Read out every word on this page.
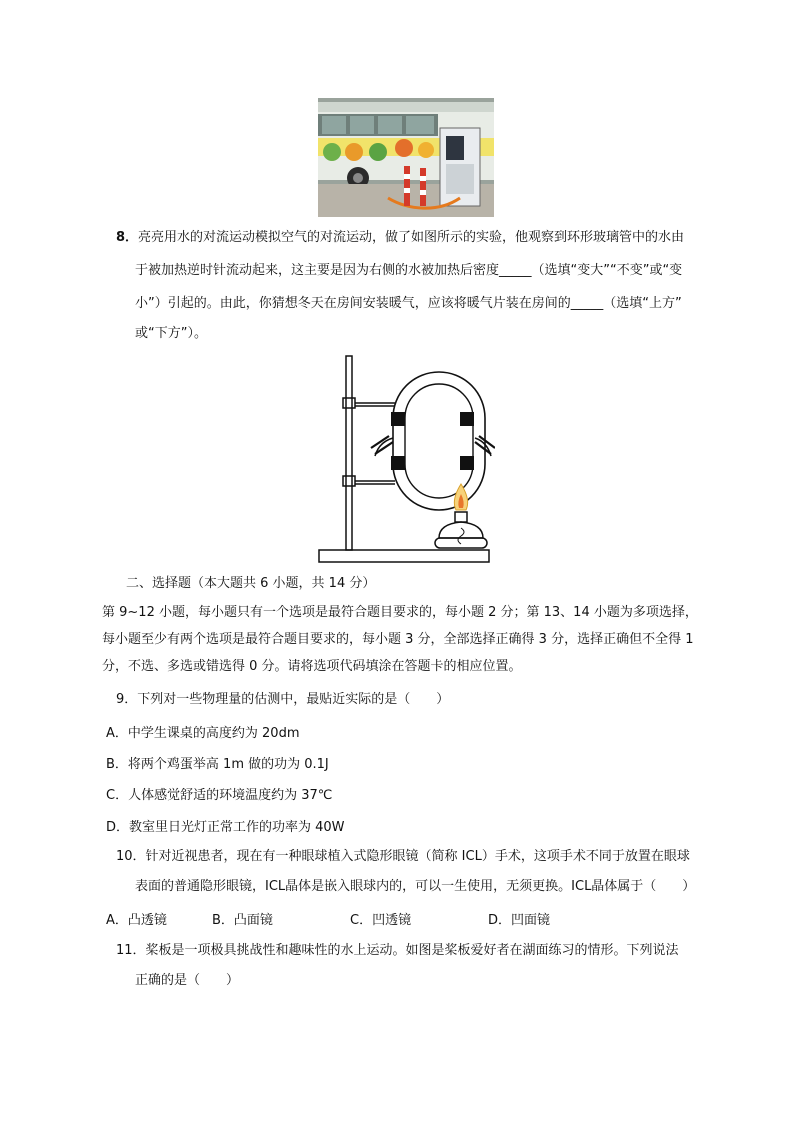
8．亮亮用水的对流运动模拟空气的对流运动，做了如图所示的实验，他观察到环形玻璃管中的水由
于被加热逆时针流动起来，这主要是因为右侧的水被加热后密度_____（选填“变大”“不变”或“变
小”）引起的。由此，你猜想冬天在房间安装暖气，应该将暖气片装在房间的_____（选填“上方”
或“下方”）。
二、选择题（本大题共 6 小题，共 14 分）
第 9~12 小题，每小题只有一个选项是最符合题目要求的，每小题 2 分；第 13、14 小题为多项选择，
每小题至少有两个选项是最符合题目要求的，每小题 3 分，全部选择正确得 3 分，选择正确但不全得 1
分，不选、多选或错选得 0 分。请将选项代码填涂在答题卡的相应位置。
9．下列对一些物理量的估测中，最贴近实际的是（　　）
A．中学生课桌的高度约为 20dm
B．将两个鸡蛋举高 1m 做的功为 0.1J
C．人体感觉舒适的环境温度约为 37℃
D．教室里日光灯正常工作的功率为 40W
10．针对近视患者，现在有一种眼球植入式隐形眼镜（简称 ICL）手术，这项手术不同于放置在眼球
表面的普通隐形眼镜，ICL晶体是嵌入眼球内的，可以一生使用，无须更换。ICL晶体属于（　　）
A．凸透镜	B．凸面镜	C．凹透镜	D．凹面镜
11．桨板是一项极具挑战性和趣味性的水上运动。如图是桨板爱好者在湖面练习的情形。下列说法
正确的是（　　）
